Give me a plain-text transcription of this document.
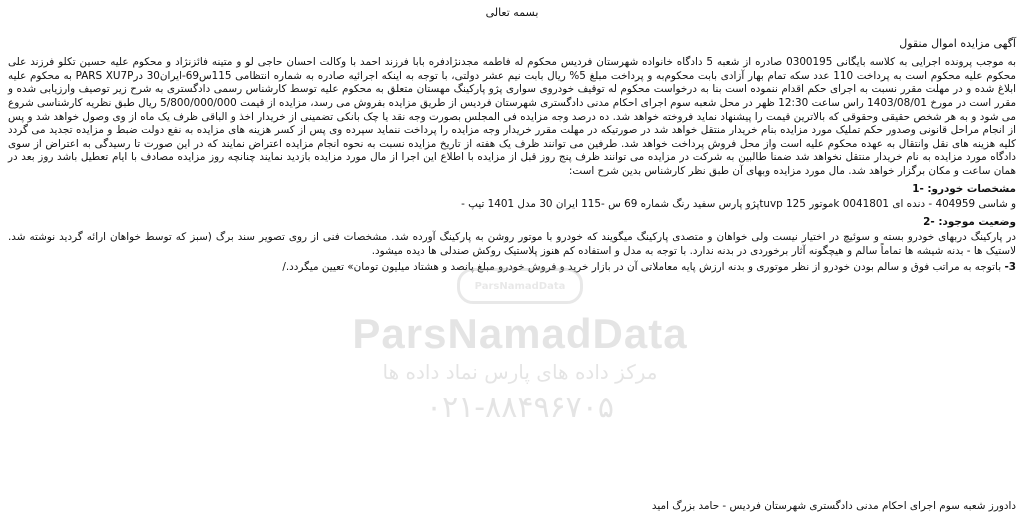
بسمه تعالی
آگهی مزایده اموال منقول

به موجب پرونده اجرایی به کلاسه بایگانی 0300195 صادره از شعبه 5 دادگاه خانواده شهرستان فردیس محکوم له فاطمه مجدنژادفره بابا فرزند احمد با وکالت احسان حاجی لو و متینه فائزنژاد و محکوم علیه حسین تکلو فرزند علی محکوم علیه محکوم است به پرداخت 110 عدد سکه تمام بهار آزادی بابت محکوم‌به و پرداخت مبلغ 5% ریال بابت نیم عشر دولتی، با توجه به اینکه اجرائیه صادره به شماره انتظامی 115س69-ایران30 درPARS XU7P به محکوم علیه ابلاغ شده و در مهلت مقرر نسبت به اجرای حکم اقدام ننموده است بنا به درخواست محکوم له توقیف خودروی سواری پژو پارکینگ مهستان متعلق به محکوم علیه توسط کارشناس رسمی دادگستری به شرح زیر توصیف وارزیابی شده و مقرر است در مورخ 1403/08/01 راس ساعت 12:30 ظهر در محل شعبه سوم اجرای احکام مدنی دادگستری شهرستان فردیس از طریق مزایده بفروش می رسد، مزایده از قیمت 5/800/000/000 ریال طبق نظریه کارشناسی شروع می شود و به هر شخص حقیقی وحقوقی که بالاترین قیمت را پیشنهاد نماید فروخته خواهد شد. ده درصد وجه مزایده فی المجلس بصورت وجه نقد یا چک بانکی تضمینی از خریدار اخذ و الباقی ظرف یک ماه از وی وصول خواهد شد و پس از انجام مراحل قانونی وصدور حکم تملیک مورد مزایده بنام خریدار منتقل خواهد شد در صورتیکه در مهلت مقرر خریدار وجه مزایده را پرداخت ننماید سپرده وی پس از کسر هزینه های مزایده به نفع دولت ضبط و مزایده تجدید می گردد کلیه هزینه های نقل وانتقال به عهده محکوم علیه است واز محل فروش پرداخت خواهد شد. طرفین می توانند ظرف یک هفته از تاریخ مزایده نسبت به نحوه انجام مزایده اعتراض نمایند که در این صورت تا رسیدگی به اعتراض از سوی دادگاه مورد مزایده به نام خریدار منتقل نخواهد شد ضمنا طالبین به شرکت در مزایده می توانند ظرف پنج روز قبل از مزایده با اطلاع این اجرا از مال مورد مزایده بازدید نمایند چنانچه روز مزایده مصادف با ایام تعطیل باشد روز بعد در همان ساعت و مکان برگزار خواهد شد. مال مورد مزایده وبهای آن طبق نظر کارشناس بدین شرح است:

مشخصات خودرو: -1
و شاسی 404959 - دنده ای 0041801 kموتور 125 tuvpپژو پارس سفید رنگ شماره 69 س -115 ایران 30 مدل 1401 تیپ -
وضعیت موجود: -2
در پارکینگ دربهای خودرو بسته و سوئیچ در اختیار نیست ولی خواهان و متصدی پارکینگ میگویند که خودرو با موتور روشن به پارکینگ آورده شد. مشخصات فنی از روی تصویر سند برگ (سبز که توسط خواهان ارائه گردید نوشته شد. لاستیک ها - بدنه شیشه ها تماماً سالم و هیچگونه آثار برخوردی در بدنه ندارد. با توجه به مدل و استفاده کم هنوز پلاستیک روکش صندلی ها دیده میشود.
3- باتوجه به مراتب فوق و سالم بودن خودرو از نظر موتوری و بدنه ارزش پایه معاملاتی آن در بازار خرید و فروش خودرو مبلغ پانصد و هشتاد میلیون تومان» تعیین میگردد./
دادورز شعبه سوم اجرای احکام مدنی دادگستری شهرستان فردیس - حامد بزرگ امید
ParsNamadData
ParsNamadData
مرکز داده های پارس نماد داده ها
۰۲۱-۸۸۴۹۶۷۰۵
